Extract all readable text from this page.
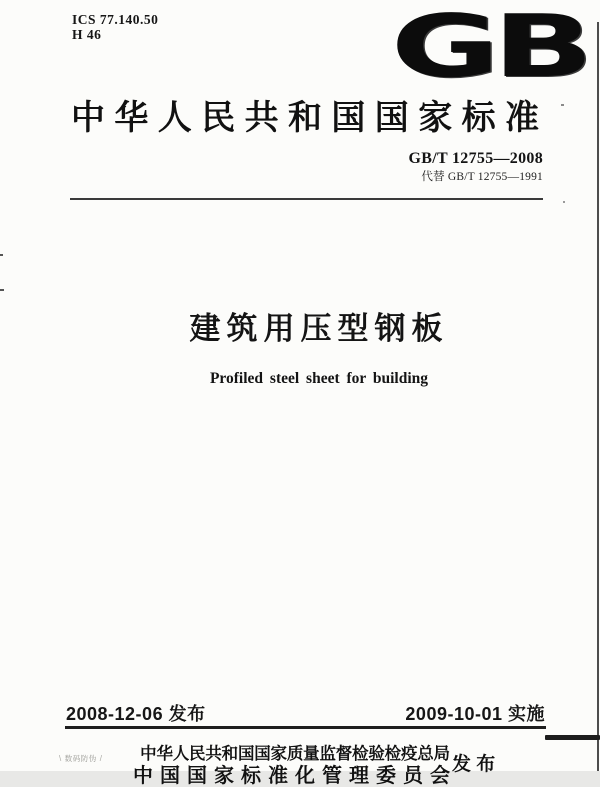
ICS 77.140.50
H 46	GB
中华人民共和国国家标准
GB/T 12755—2008
代替 GB/T 12755—1991
建筑用压型钢板
Profiled steel sheet for building
2008-12-06 发布	2009-10-01 实施
中华人民共和国国家质量监督检验检疫总局
中国国家标准化管理委员会
发 布
\ 数码防伪 /
